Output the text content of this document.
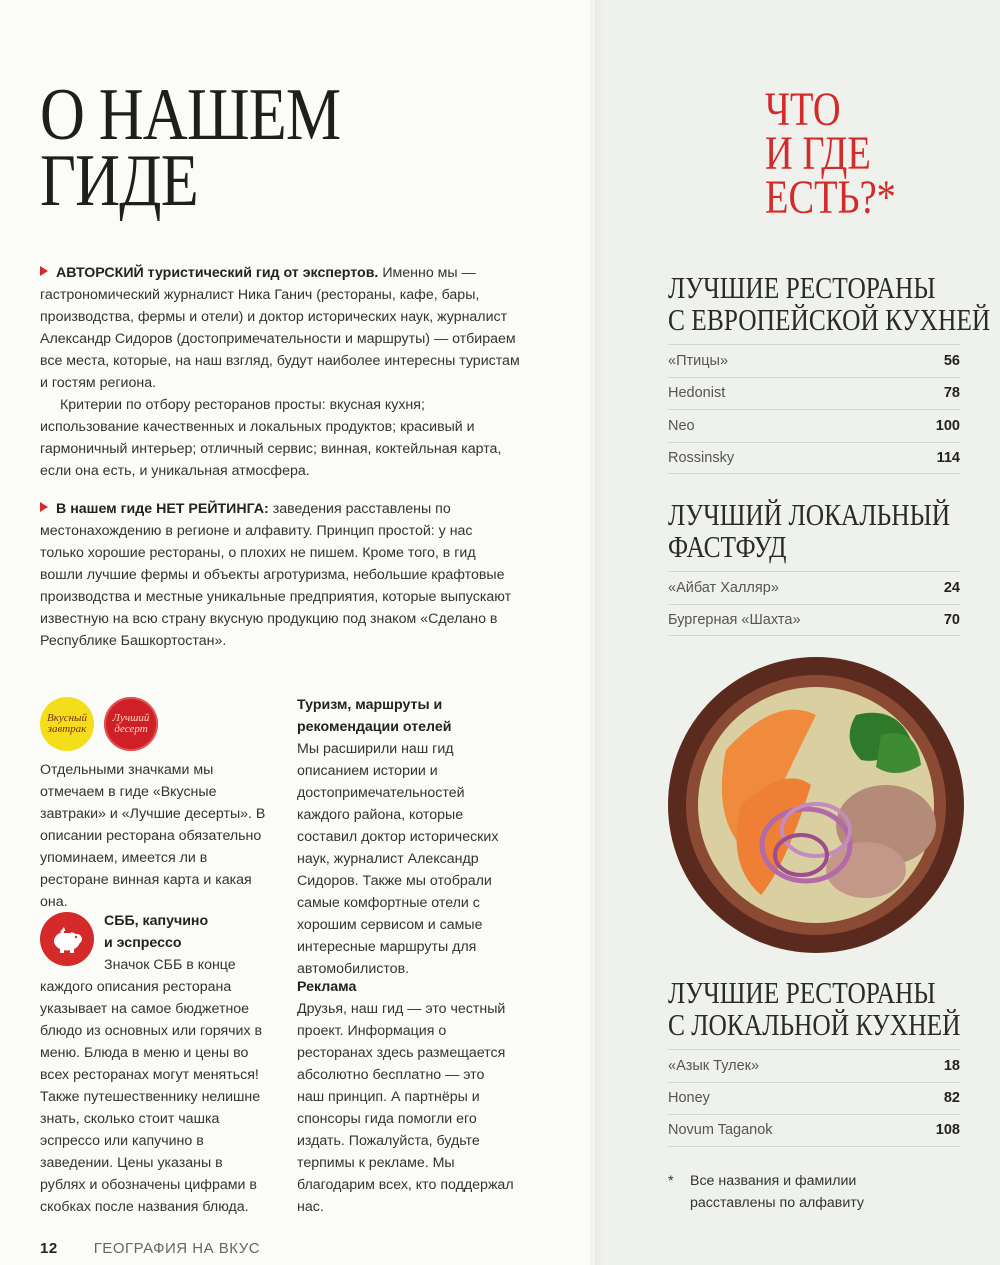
О НАШЕМ
ГИДЕ

АВТОРСКИЙ туристический гид от экспертов. Именно мы — гастрономический журналист Ника Ганич (рестораны, кафе, бары, производства, фермы и отели) и доктор исторических наук, журналист Александр Сидоров (достопримечательности и маршруты) — отбираем все места, которые, на наш взгляд, будут наиболее интересны туристам и гостям региона.

Критерии по отбору ресторанов просты: вкусная кухня; использование качественных и локальных продуктов; красивый и гармоничный интерьер; отличный сервис; винная, коктейльная карта, если она есть, и уникальная атмосфера.

В нашем гиде НЕТ РЕЙТИНГА: заведения расставлены по местонахождению в регионе и алфавиту. Принцип простой: у нас только хорошие рестораны, о плохих не пишем. Кроме того, в гид вошли лучшие фермы и объекты агротуризма, небольшие крафтовые производства и местные уникальные предприятия, которые выпускают известную на всю страну вкусную продукцию под знаком «Сделано в Республике Башкортостан».

Вкусный завтрак
Лучший десерт
Отдельными значками мы отмечаем в гиде «Вкусные завтраки» и «Лучшие десерты». В описании ресторана обязательно упоминаем, имеется ли в ресторане винная карта и какая она.
СББ, капучино
и эспрессо
Значок СББ в конце каждого описания ресторана указывает на самое бюджетное блюдо из основных или горячих в меню. Блюда в меню и цены во всех ресторанах могут меняться! Также путешественнику нелишне знать, сколько стоит чашка эспрессо или капучино в заведении. Цены указаны в рублях и обозначены цифрами в скобках после названия блюда.
Туризм, маршруты и рекомендации отелей
Мы расширили наш гид описанием истории и достопримечательностей каждого района, которые составил доктор исторических наук, журналист Александр Сидоров. Также мы отобрали самые комфортные отели с хорошим сервисом и самые интересные маршруты для автомобилистов.
Реклама
Друзья, наш гид — это честный проект. Информация о ресторанах здесь размещается абсолютно бесплатно — это наш принцип. А партнёры и спонсоры гида помогли его издать. Пожалуйста, будьте терпимы к рекламе. Мы благодарим всех, кто поддержал нас.
12 ГЕОГРАФИЯ НА ВКУС
ЧТО
И ГДЕ
ЕСТЬ?*
ЛУЧШИЕ РЕСТОРАНЫ
С ЕВРОПЕЙСКОЙ КУХНЕЙ
«Птицы»	56
Hedonist	78
Neo	100
Rossinsky	114
ЛУЧШИЙ ЛОКАЛЬНЫЙ
ФАСТФУД
«Айбат Халляр»	24
Бургерная «Шахта»	70
ЛУЧШИЕ РЕСТОРАНЫ
С ЛОКАЛЬНОЙ КУХНЕЙ
«Азык Тулек»	18
Honey	82
Novum Taganok	108
* Все названия и фамилии расставлены по алфавиту
